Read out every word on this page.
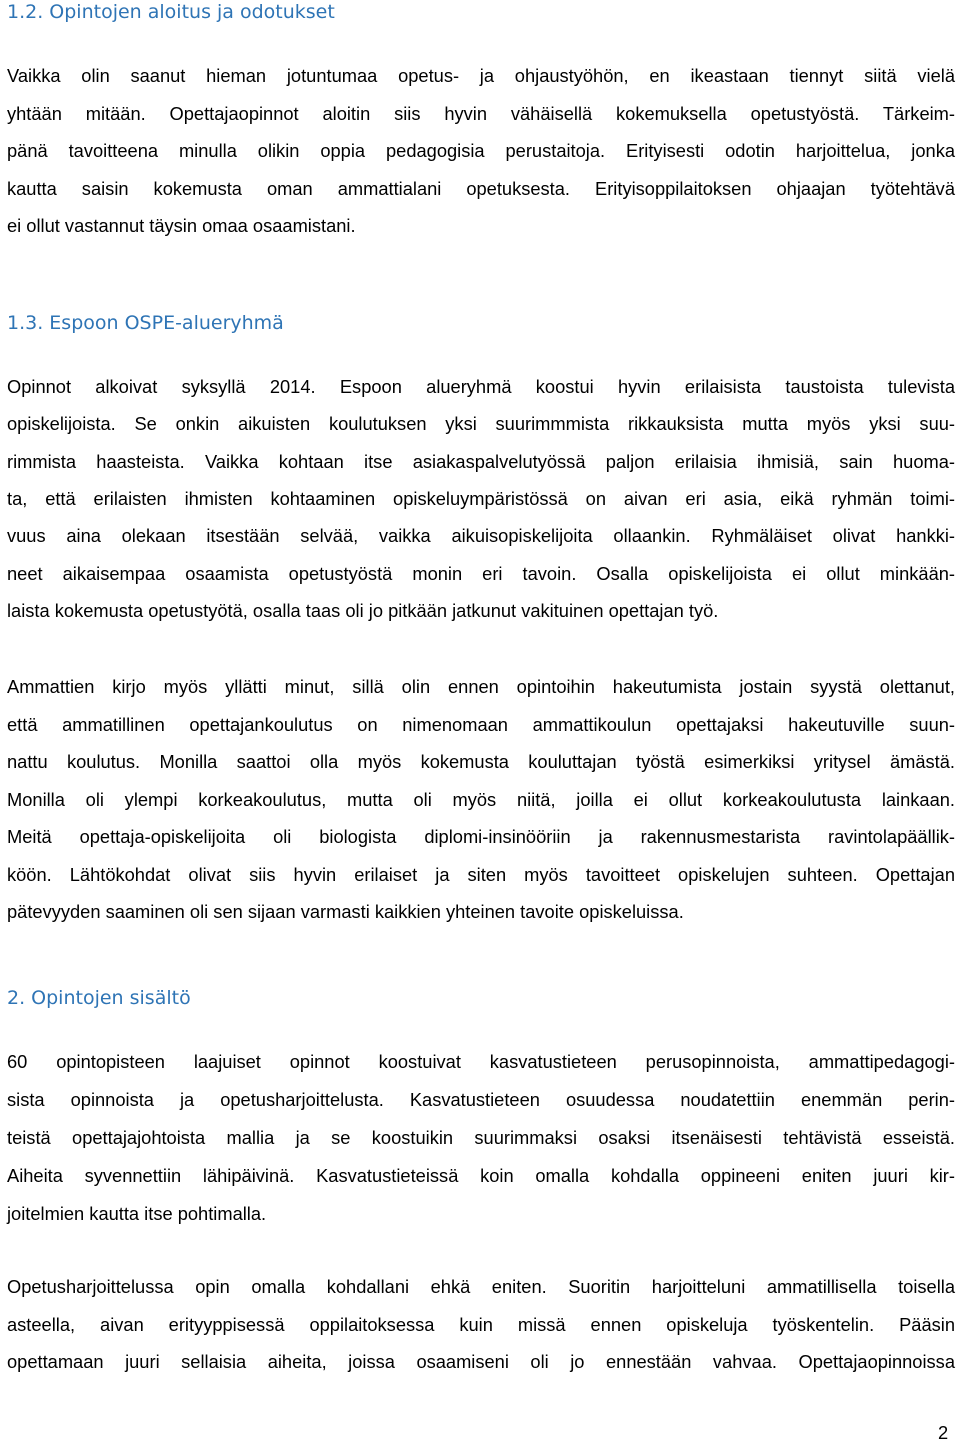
1.2. Opintojen aloitus ja odotukset
Vaikka olin saanut hieman jotuntumaa opetus- ja ohjaustyöhön, en ikeastaan tiennyt siitä vielä
yhtään mitään. Opettajaopinnot aloitin siis hyvin vähäisellä kokemuksella opetustyöstä. Tärkeim-
pänä tavoitteena minulla olikin oppia pedagogisia perustaitoja. Erityisesti odotin harjoittelua, jonka
kautta saisin kokemusta oman ammattialani opetuksesta. Erityisoppilaitoksen ohjaajan työtehtävä
ei ollut vastannut täysin omaa osaamistani.
1.3. Espoon OSPE-alueryhmä
Opinnot alkoivat syksyllä 2014. Espoon alueryhmä koostui hyvin erilaisista taustoista tulevista
opiskelijoista. Se onkin aikuisten koulutuksen yksi suurimmmista rikkauksista mutta myös yksi suu-
rimmista haasteista. Vaikka kohtaan itse asiakaspalvelutyössä paljon erilaisia ihmisiä, sain huoma-
ta, että erilaisten ihmisten kohtaaminen opiskeluympäristössä on aivan eri asia, eikä ryhmän toimi-
vuus aina olekaan itsestään selvää, vaikka aikuisopiskelijoita ollaankin. Ryhmäläiset olivat hankki-
neet aikaisempaa osaamista opetustyöstä monin eri tavoin. Osalla opiskelijoista ei ollut minkään-
laista kokemusta opetustyötä, osalla taas oli jo pitkään jatkunut vakituinen opettajan työ.
Ammattien kirjo myös yllätti minut, sillä olin ennen opintoihin hakeutumista jostain syystä olettanut,
että ammatillinen opettajankoulutus on nimenomaan ammattikoulun opettajaksi hakeutuville suun-
nattu koulutus. Monilla saattoi olla myös kokemusta kouluttajan työstä esimerkiksi yritysel ämästä.
Monilla oli ylempi korkeakoulutus, mutta oli myös niitä, joilla ei ollut korkeakoulutusta lainkaan.
Meitä opettaja-opiskelijoita oli biologista diplomi-insinööriin ja rakennusmestarista ravintolapäällik-
köön. Lähtökohdat olivat siis hyvin erilaiset ja siten myös tavoitteet opiskelujen suhteen. Opettajan
pätevyyden saaminen oli sen sijaan varmasti kaikkien yhteinen tavoite opiskeluissa.
2. Opintojen sisältö
60 opintopisteen laajuiset opinnot koostuivat kasvatustieteen perusopinnoista, ammattipedagogi-
sista opinnoista ja opetusharjoittelusta. Kasvatustieteen osuudessa noudatettiin enemmän perin-
teistä opettajajohtoista mallia ja se koostuikin suurimmaksi osaksi itsenäisesti tehtävistä esseistä.
Aiheita syvennettiin lähipäivinä. Kasvatustieteissä koin omalla kohdalla oppineeni eniten juuri kir-
joitelmien kautta itse pohtimalla.
Opetusharjoittelussa opin omalla kohdallani ehkä eniten. Suoritin harjoitteluni ammatillisella toisella
asteella, aivan erityyppisessä oppilaitoksessa kuin missä ennen opiskeluja työskentelin. Pääsin
opettamaan juuri sellaisia aiheita, joissa osaamiseni oli jo ennestään vahvaa. Opettajaopinnoissa
2
